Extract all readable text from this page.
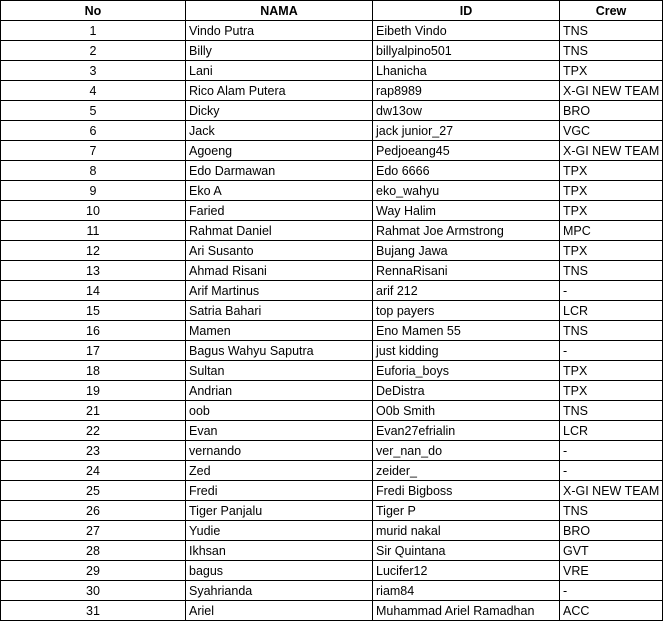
No	NAMA	ID	Crew
1	Vindo Putra	Eibeth Vindo	TNS
2	Billy	billyalpino501	TNS
3	Lani	Lhanicha	TPX
4	Rico Alam Putera	rap8989	X-GI NEW TEAM
5	Dicky	dw13ow	BRO
6	Jack	jack junior_27	VGC
7	Agoeng	Pedjoeang45	X-GI NEW TEAM
8	Edo Darmawan	Edo 6666	TPX
9	Eko A	eko_wahyu	TPX
10	Faried	Way Halim	TPX
11	Rahmat Daniel	Rahmat Joe Armstrong	MPC
12	Ari Susanto	Bujang Jawa	TPX
13	Ahmad Risani	RennaRisani	TNS
14	Arif Martinus	arif 212	-
15	Satria Bahari	top payers	LCR
16	Mamen	Eno Mamen 55	TNS
17	Bagus Wahyu Saputra	just kidding	-
18	Sultan	Euforia_boys	TPX
19	Andrian	DeDistra	TPX
21	oob	O0b Smith	TNS
22	Evan	Evan27efrialin	LCR
23	vernando	ver_nan_do	-
24	Zed	zeider_	-
25	Fredi	Fredi Bigboss	X-GI NEW TEAM
26	Tiger Panjalu	Tiger P	TNS
27	Yudie	murid nakal	BRO
28	Ikhsan	Sir Quintana	GVT
29	bagus	Lucifer12	VRE
30	Syahrianda	riam84	-
31	Ariel	Muhammad Ariel Ramadhan	ACC
